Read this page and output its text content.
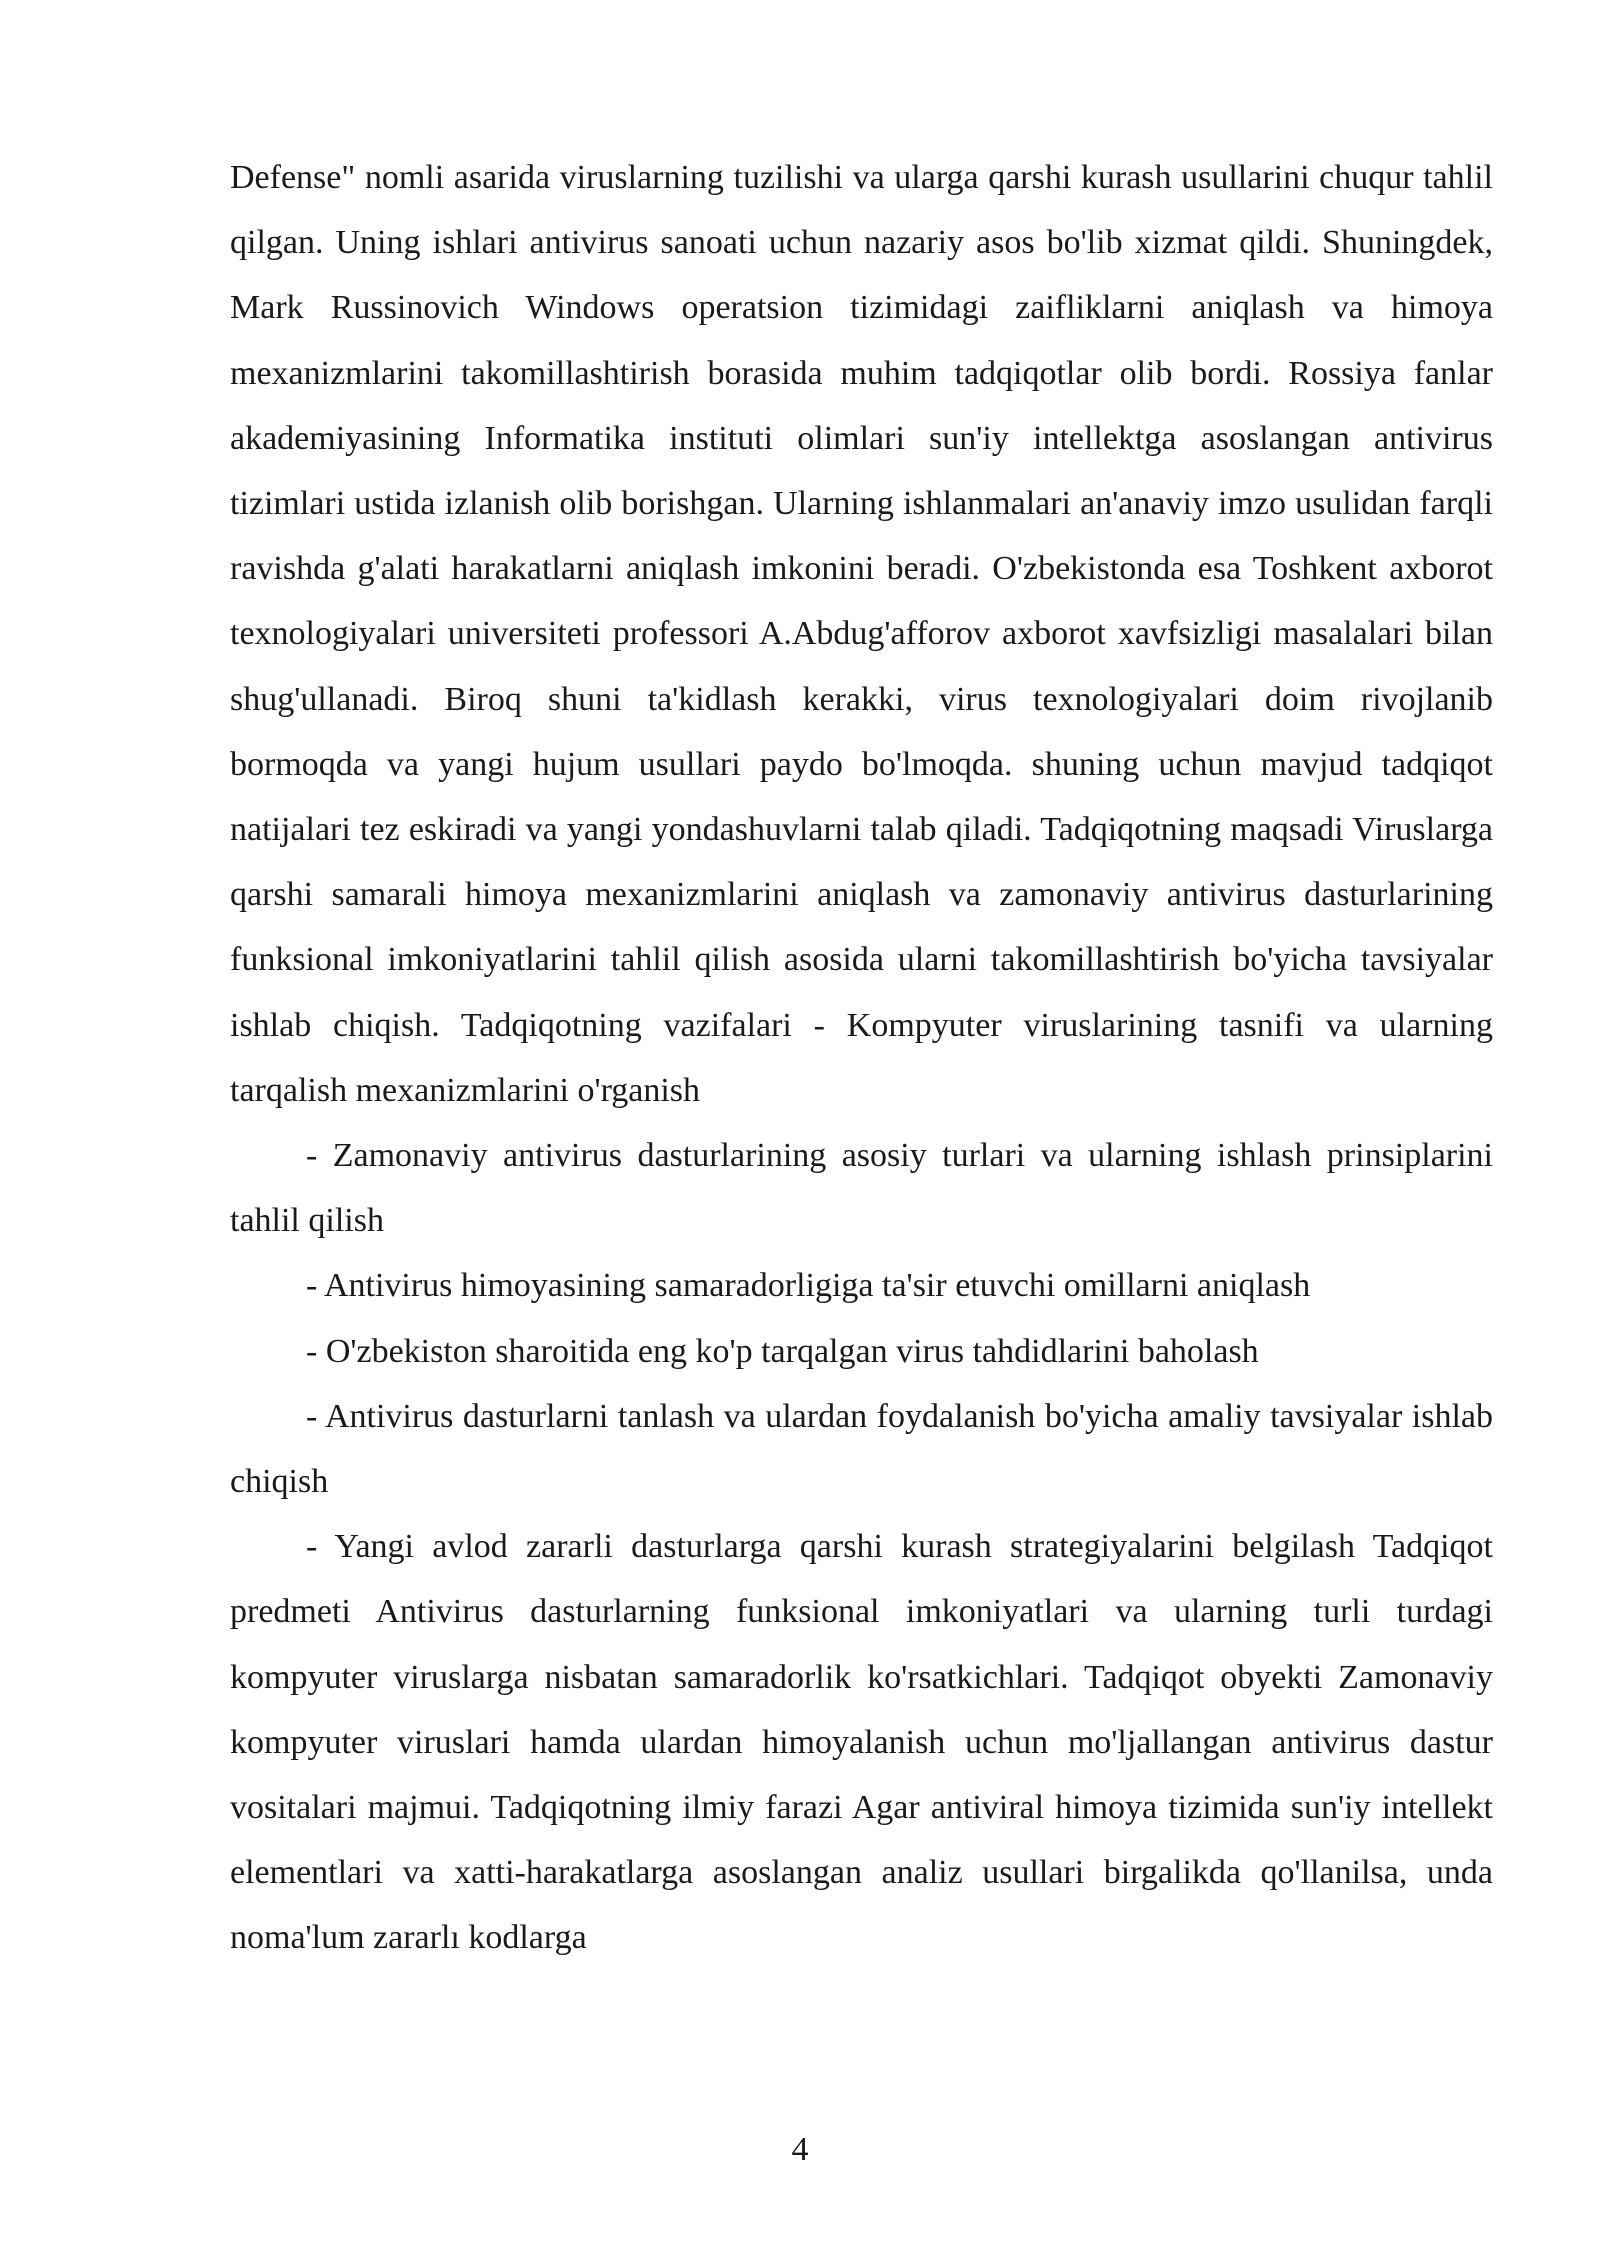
Defense" nomli asarida viruslarning tuzilishi va ularga qarshi kurash usullarini chuqur tahlil qilgan. Uning ishlari antivirus sanoati uchun nazariy asos bo'lib xizmat qildi. Shuningdek, Mark Russinovich Windows operatsion tizimidagi zaifliklarni aniqlash va himoya mexanizmlarini takomillashtirish borasida muhim tadqiqotlar olib bordi. Rossiya fanlar akademiyasining Informatika instituti olimlari sun'iy intellektga asoslangan antivirus tizimlari ustida izlanish olib borishgan. Ularning ishlanmalari an'anaviy imzo usulidan farqli ravishda g'alati harakatlarni aniqlash imkonini beradi. O'zbekistonda esa Toshkent axborot texnologiyalari universiteti professori A.Abdug'afforov axborot xavfsizligi masalalari bilan shug'ullanadi. Biroq shuni ta'kidlash kerakki, virus texnologiyalari doim rivojlanib bormoqda va yangi hujum usullari paydo bo'lmoqda. shuning uchun mavjud tadqiqot natijalari tez eskiradi va yangi yondashuvlarni talab qiladi. Tadqiqotning maqsadi Viruslarga qarshi samarali himoya mexanizmlarini aniqlash va zamonaviy antivirus dasturlarining funksional imkoniyatlarini tahlil qilish asosida ularni takomillashtirish bo'yicha tavsiyalar ishlab chiqish. Tadqiqotning vazifalari - Kompyuter viruslarining tasnifi va ularning tarqalish mexanizmlarini o'rganish

- Zamonaviy antivirus dasturlarining asosiy turlari va ularning ishlash prinsiplarini tahlil qilish

- Antivirus himoyasining samaradorligiga ta'sir etuvchi omillarni aniqlash

- O'zbekiston sharoitida eng ko'p tarqalgan virus tahdidlarini baholash

- Antivirus dasturlarni tanlash va ulardan foydalanish bo'yicha amaliy tavsiyalar ishlab chiqish

- Yangi avlod zararli dasturlarga qarshi kurash strategiyalarini belgilash Tadqiqot predmeti Antivirus dasturlarning funksional imkoniyatlari va ularning turli turdagi kompyuter viruslarga nisbatan samaradorlik ko'rsatkichlari. Tadqiqot obyekti Zamonaviy kompyuter viruslari hamda ulardan himoyalanish uchun mo'ljallangan antivirus dastur vositalari majmui. Tadqiqotning ilmiy farazi Agar antiviral himoya tizimida sun'iy intellekt elementlari va xatti-harakatlarga asoslangan analiz usullari birgalikda qo'llanilsa, unda noma'lum zararlı kodlarga

4
